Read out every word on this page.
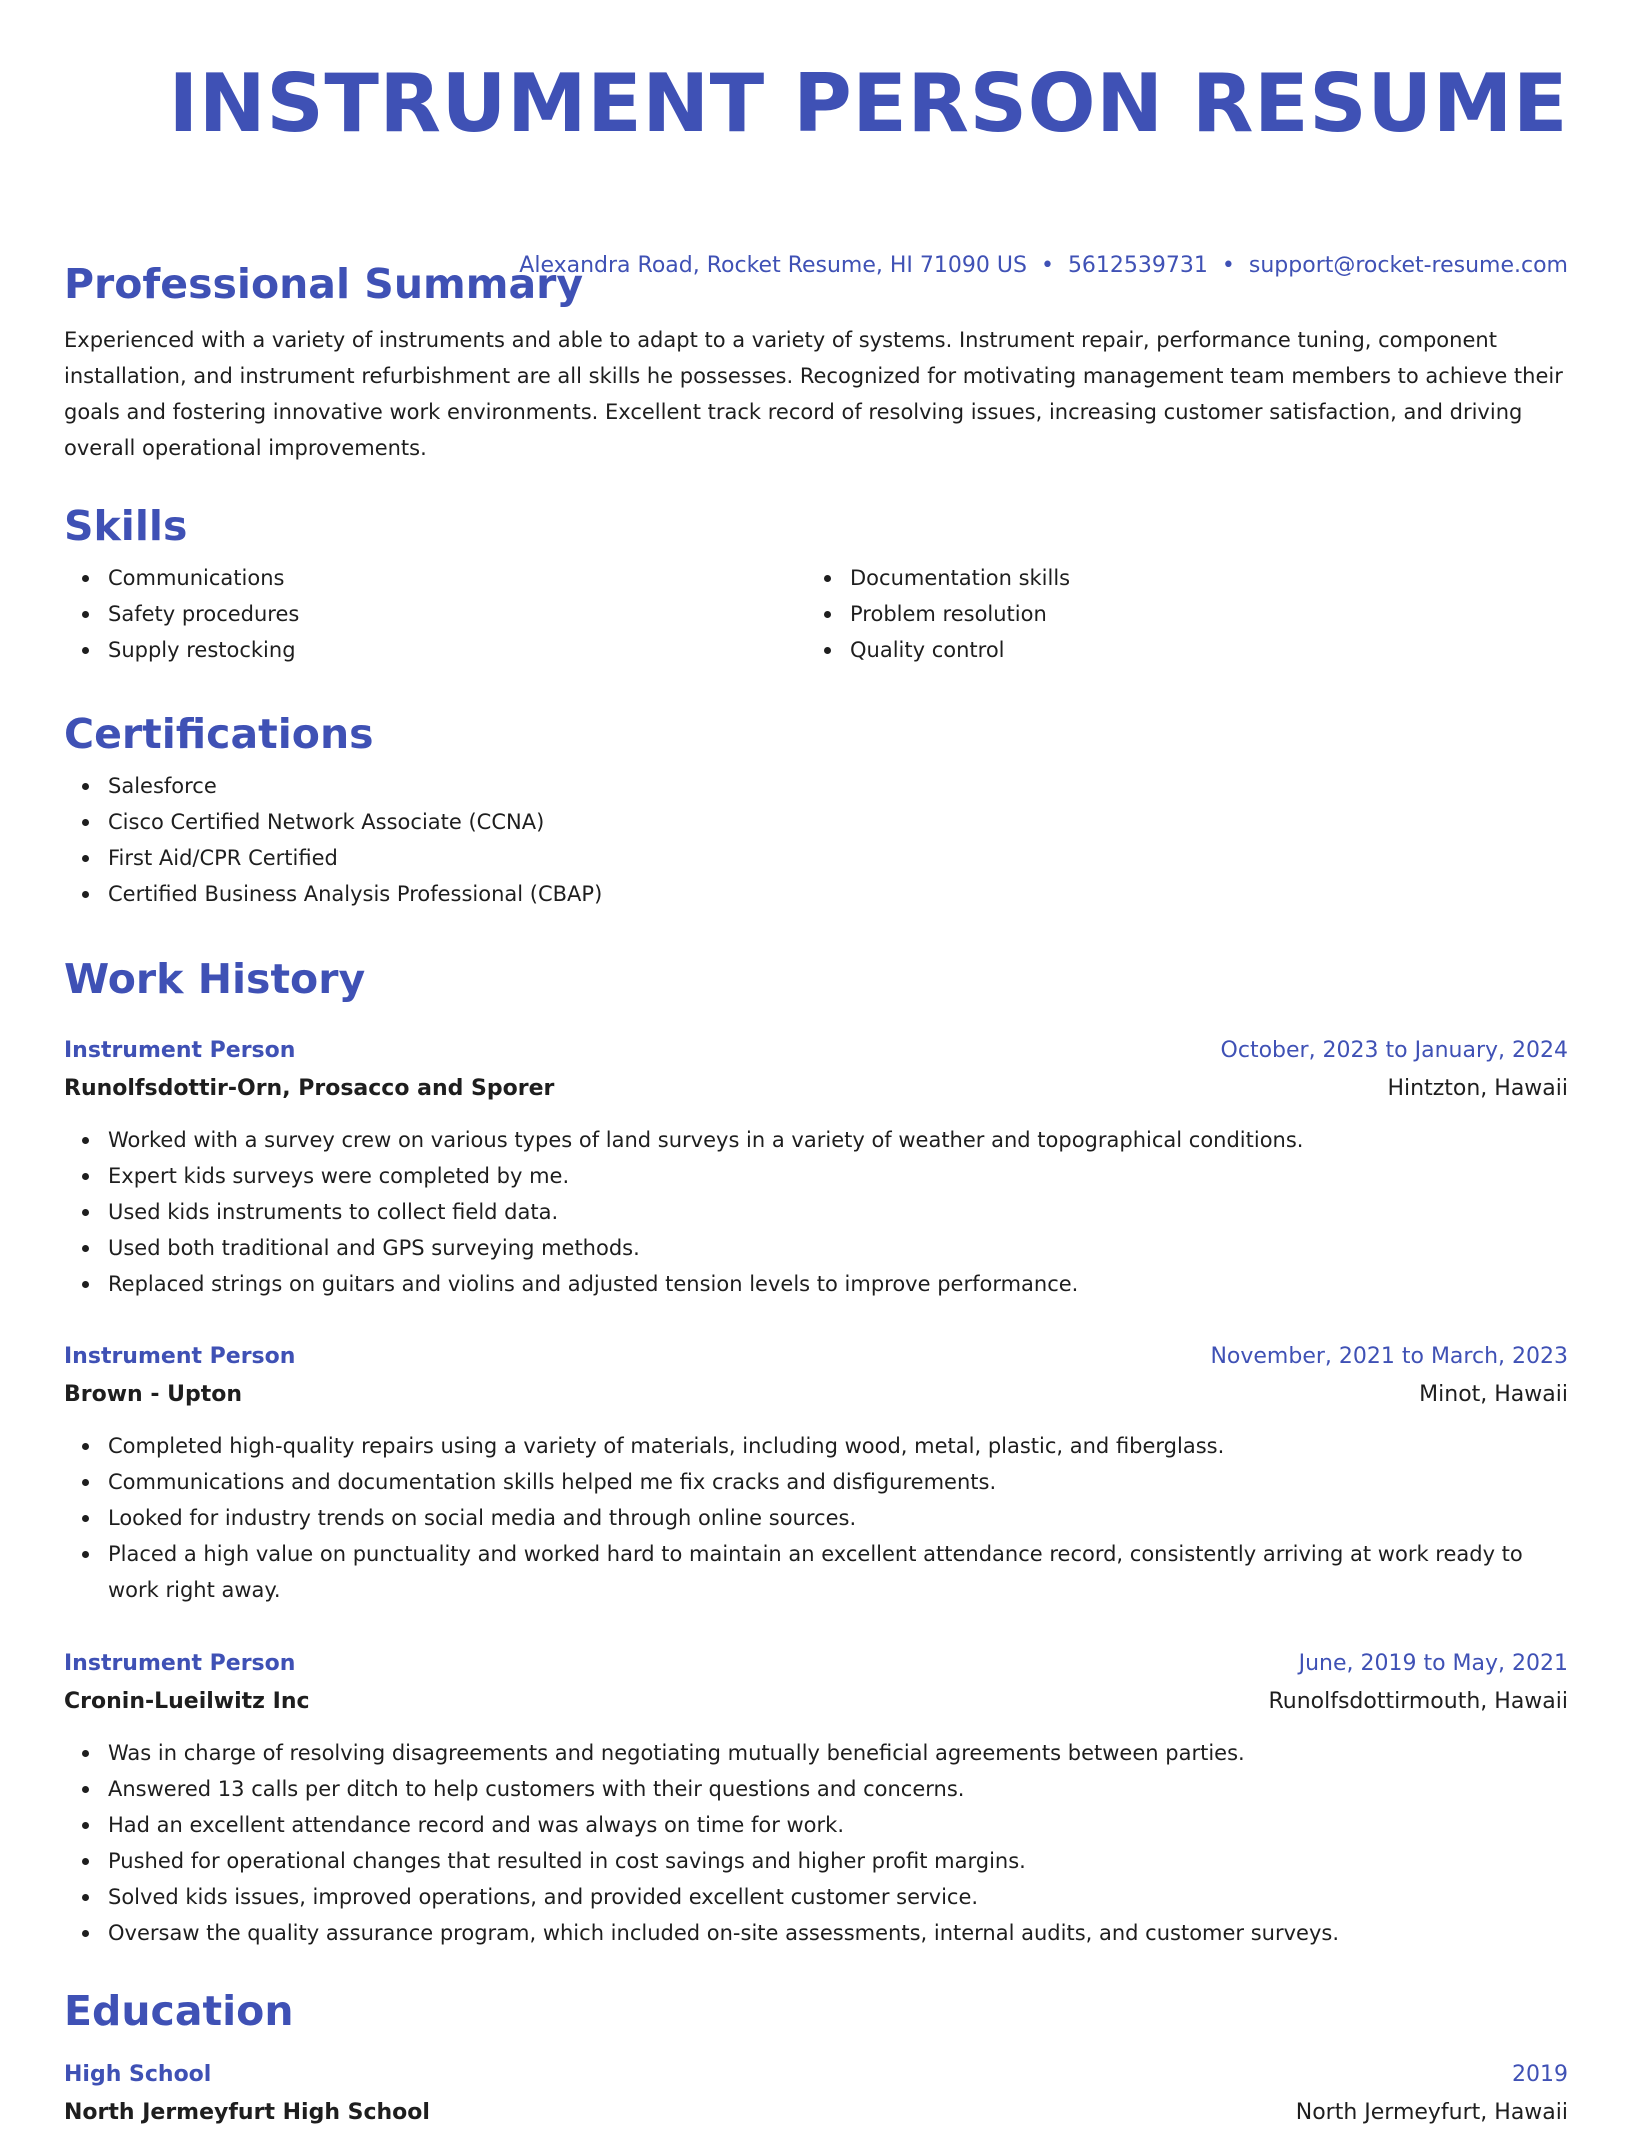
INSTRUMENT PERSON RESUME
Alexandra Road, Rocket Resume, HI 71090 US • 5612539731 • support@rocket-resume.com
Professional Summary

Experienced with a variety of instruments and able to adapt to a variety of systems. Instrument repair, performance tuning, component installation, and instrument refurbishment are all skills he possesses. Recognized for motivating management team members to achieve their goals and fostering innovative work environments. Excellent track record of resolving issues, increasing customer satisfaction, and driving overall operational improvements.

Skills
Communications
Safety procedures
Supply restocking
Documentation skills
Problem resolution
Quality control
Certifications
Salesforce
Cisco Certified Network Associate (CCNA)
First Aid/CPR Certified
Certified Business Analysis Professional (CBAP)
Work History
Instrument Person	October, 2023 to January, 2024
Runolfsdottir-Orn, Prosacco and Sporer	Hintzton, Hawaii
Worked with a survey crew on various types of land surveys in a variety of weather and topographical conditions.
Expert kids surveys were completed by me.
Used kids instruments to collect field data.
Used both traditional and GPS surveying methods.
Replaced strings on guitars and violins and adjusted tension levels to improve performance.
Instrument Person	November, 2021 to March, 2023
Brown - Upton	Minot, Hawaii
Completed high-quality repairs using a variety of materials, including wood, metal, plastic, and fiberglass.
Communications and documentation skills helped me fix cracks and disfigurements.
Looked for industry trends on social media and through online sources.
Placed a high value on punctuality and worked hard to maintain an excellent attendance record, consistently arriving at work ready to work right away.
Instrument Person	June, 2019 to May, 2021
Cronin-Lueilwitz Inc	Runolfsdottirmouth, Hawaii
Was in charge of resolving disagreements and negotiating mutually beneficial agreements between parties.
Answered 13 calls per ditch to help customers with their questions and concerns.
Had an excellent attendance record and was always on time for work.
Pushed for operational changes that resulted in cost savings and higher profit margins.
Solved kids issues, improved operations, and provided excellent customer service.
Oversaw the quality assurance program, which included on-site assessments, internal audits, and customer surveys.
Education
High School	2019
North Jermeyfurt High School	North Jermeyfurt, Hawaii
